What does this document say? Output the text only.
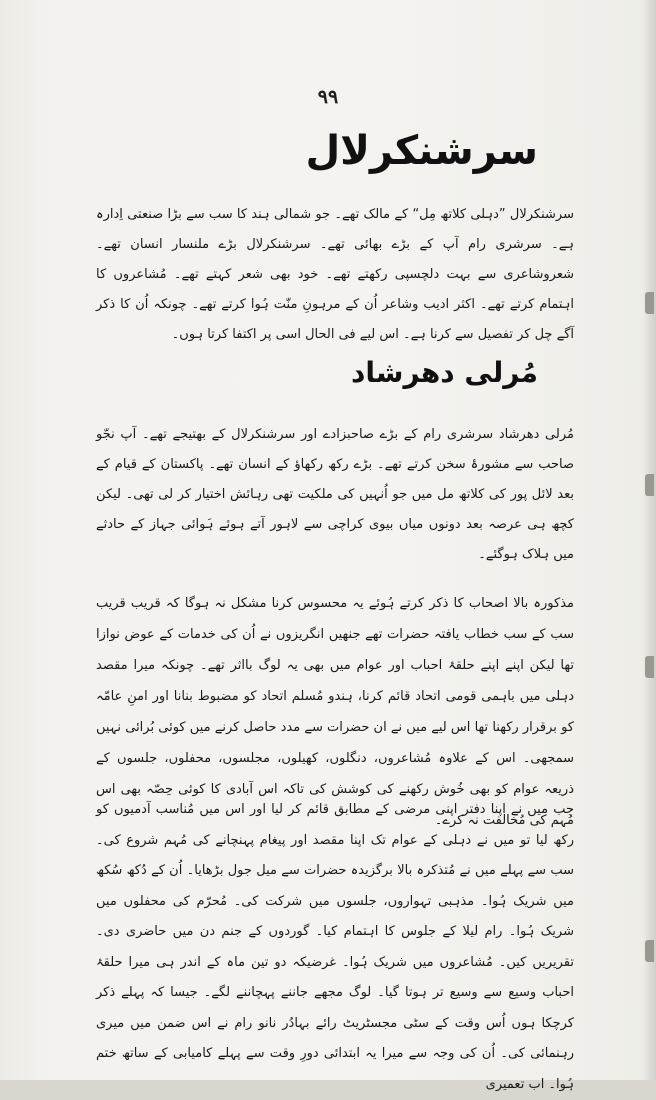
۹۹
سرشنکرلال
سرشنکرلال ”دہلی کلاتھ مِل“ کے مالک تھے۔ جو شمالی ہند کا سب سے بڑا صنعتی اِدارہ ہے۔ سرشری رام آپ کے بڑے بھائی تھے۔ سرشنکرلال بڑے ملنسار انسان تھے۔ شعروشاعری سے بہت دلچسپی رکھتے تھے۔ خود بھی شعر کہتے تھے۔ مُشاعروں کا اہتمام کرتے تھے۔ اکثر ادیب وشاعر اُن کے مرہونِ منّت ہُوا کرتے تھے۔ چونکہ اُن کا ذکر آگے چل کر تفصیل سے کرنا ہے۔ اس لیے فی الحال اسی پر اکتفا کرتا ہوں۔
مُرلی دھرشاد
مُرلی دھرشاد سرشری رام کے بڑے صاحبزادے اور سرشنکرلال کے بھتیجے تھے۔ آپ نجّو صاحب سے مشورۂ سخن کرتے تھے۔ بڑے رکھ رکھاؤ کے انسان تھے۔ پاکستان کے قیام کے بعد لائل پور کی کلاتھ مل میں جو اُنہیں کی ملکیت تھی رہائش اختیار کر لی تھی۔ لیکن کچھ ہی عرصہ بعد دونوں میاں بیوی کراچی سے لاہور آتے ہوئے ہَوائی جہاز کے حادثے میں ہلاک ہوگئے۔
مذکورہ بالا اصحاب کا ذکر کرتے ہُوئے یہ محسوس کرنا مشکل نہ ہوگا کہ قریب قریب سب کے سب خطاب یافتہ حضرات تھے جنھیں انگریزوں نے اُن کی خدمات کے عوض نوازا تھا لیکن اپنے اپنے حلقۂ احباب اور عوام میں بھی یہ لوگ بااثر تھے۔ چونکہ میرا مقصد دہلی میں باہمی قومی اتحاد قائم کرنا، ہندو مُسلم اتحاد کو مضبوط بنانا اور امنِ عامّہ کو برقرار رکھنا تھا اس لیے میں نے ان حضرات سے مدد حاصل کرنے میں کوئی بُرائی نہیں سمجھی۔ اس کے علاوہ مُشاعروں، دنگلوں، کھیلوں، مجلسوں، محفلوں، جلسوں کے ذریعہ عوام کو بھی خُوش رکھنے کی کوشش کی تاکہ اس آبادی کا کوئی حِصّہ بھی اس مُہم کی مُخالفت نہ کرے۔
جب میں نے اپنا دفتر اپنی مرضی کے مطابق قائم کر لیا اور اس میں مُناسب آدمیوں کو رکھ لیا تو میں نے دہلی کے عوام تک اپنا مقصد اور پیغام پہنچانے کی مُہم شروع کی۔ سب سے پہلے میں نے مُتذکرہ بالا برگزیدہ حضرات سے میل جول بڑھایا۔ اُن کے دُکھ سُکھ میں شریک ہُوا۔ مذہبی تہواروں، جلسوں میں شرکت کی۔ مُحرّم کی محفلوں میں شریک ہُوا۔ رام لیلا کے جلوس کا اہتمام کیا۔ گوردوں کے جنم دن میں حاضری دی۔ تقریریں کیں۔ مُشاعروں میں شریک ہُوا۔ غرضیکہ دو تین ماہ کے اندر ہی میرا حلقۂ احباب وسیع سے وسیع تر ہوتا گیا۔ لوگ مجھے جاننے پہچاننے لگے۔ جیسا کہ پہلے ذکر کرچکا ہوں اُس وقت کے سٹی مجسٹریٹ رائے بہادُر نانو رام نے اس ضمن میں میری رہنمائی کی۔ اُن کی وجہ سے میرا یہ ابتدائی دورِ وقت سے پہلے کامیابی کے ساتھ ختم ہُوا۔ اب تعمیری
